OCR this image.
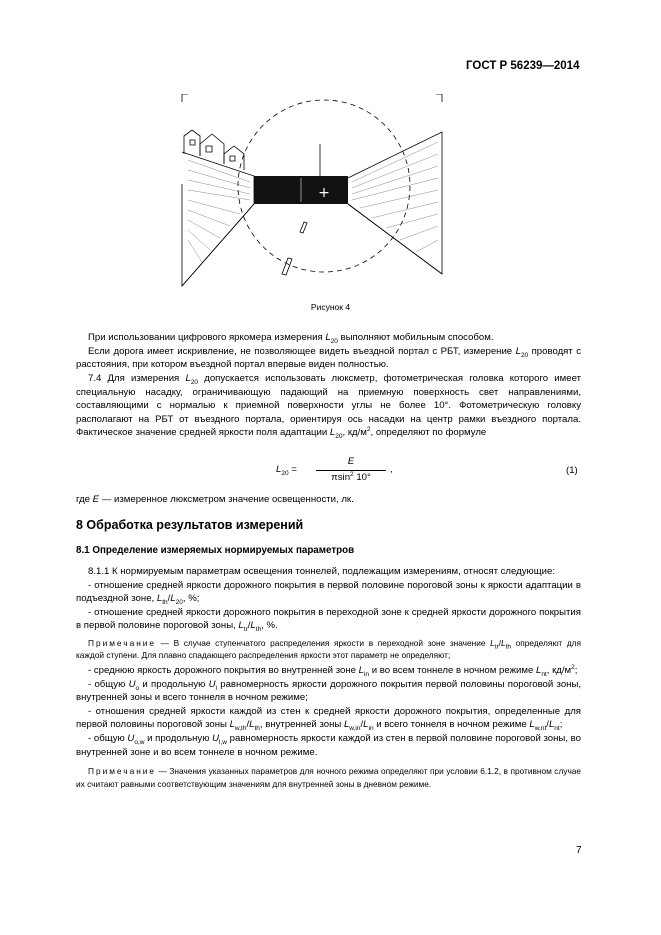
ГОСТ Р 56239—2014
+
Рисунок 4

При использовании цифрового яркомера измерения $L_{20}$ выполняют мобильным способом.

Если дорога имеет искривление, не позволяющее видеть въездной портал с РБТ, измерение $L_{20}$ проводят с расстояния, при котором въездной портал впервые виден полностью.

7.4 Для измерения $L_{20}$ допускается использовать люксметр, фотометрическая головка которого имеет специальную насадку, ограничивающую падающий на приемную поверхность свет направлениями, составляющими с нормалью к приемной поверхности углы не более 10°. Фотометрическую головку располагают на РБТ от въездного портала, ориентируя ось насадки на центр рамки въездного портала. Фактическое значение средней яркости поля адаптации $L_{20}$, $кд/м^2$, определяют по формуле

$L_{20}$ =
E
πsin$^2$ 10°
,	(1)

где E — измеренное люксметром значение освещенности, лк.

8 Обработка результатов измерений
8.1 Определение измеряемых нормируемых параметров

8.1.1 К нормируемым параметрам освещения тоннелей, подлежащим измерениям, относят следующие:

- отношение средней яркости дорожного покрытия в первой половине пороговой зоны к яркости адаптации в подъездной зоне, $L_{th}/L_{20}$, %;

- отношение средней яркости дорожного покрытия в переходной зоне к средней яркости дорожного покрытия в первой половине пороговой зоны, $L_{tr}/L_{th}$, %.

Примечание — В случае ступенчатого распределения яркости в переходной зоне значение $L_{tr}/L_{th}$ определяют для каждой ступени. Для плавно спадающего распределения яркости этот параметр не определяют;

- среднюю яркость дорожного покрытия во внутренней зоне $L_{in}$ и во всем тоннеле в ночном режиме $L_{nt}$, $кд/м^2$;

- общую $U_o$ и продольную $U_l$ равномерность яркости дорожного покрытия первой половины пороговой зоны, внутренней зоны и всего тоннеля в ночном режиме;

- отношения средней яркости каждой из стен к средней яркости дорожного покрытия, определенные для первой половины пороговой зоны $L_{w,th}/L_{th}$, внутренней зоны $L_{w,in}/L_{in}$ и всего тоннеля в ночном режиме $L_{w,nt}/L_{nt}$;

- общую $U_{o,w}$ и продольную $U_{l,w}$ равномерность яркости каждой из стен в первой половине пороговой зоны, во внутренней зоне и во всем тоннеле в ночном режиме.

Примечание — Значения указанных параметров для ночного режима определяют при условии 6.1.2, в противном случае их считают равными соответствующим значениям для внутренней зоны в дневном режиме.
7
